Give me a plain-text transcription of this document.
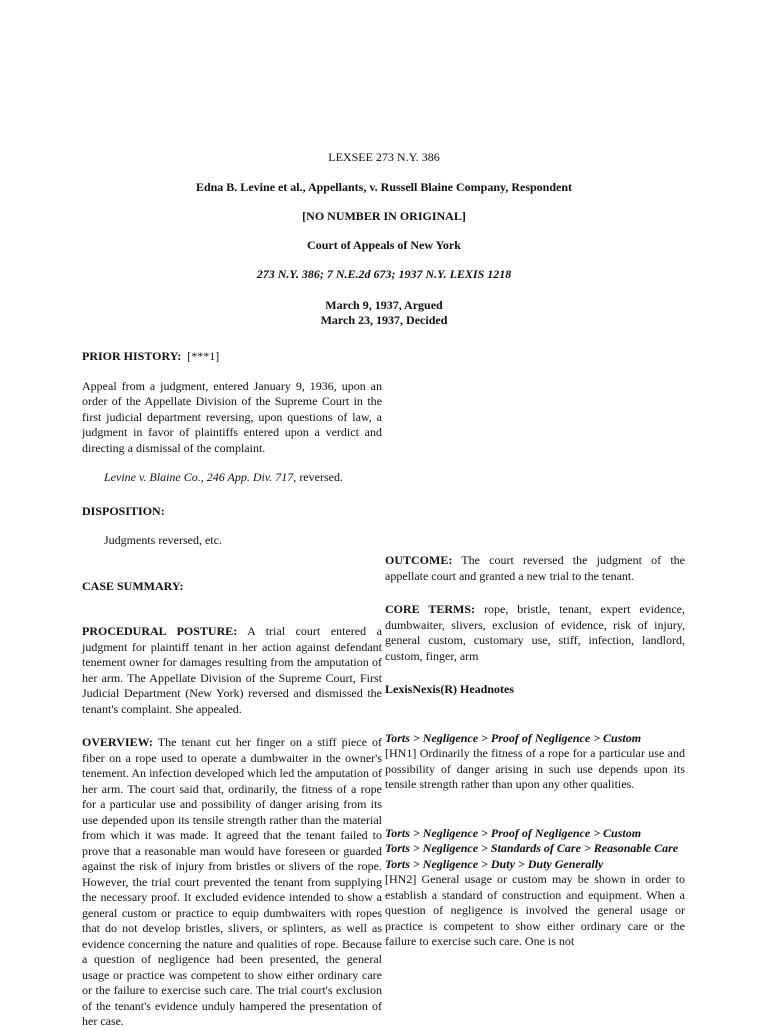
LEXSEE 273 N.Y. 386
Edna B. Levine et al., Appellants, v. Russell Blaine Company, Respondent
[NO NUMBER IN ORIGINAL]
Court of Appeals of New York
273 N.Y. 386; 7 N.E.2d 673; 1937 N.Y. LEXIS 1218
March 9, 1937, Argued
March 23, 1937, Decided

PRIOR HISTORY: [***1]

Appeal from a judgment, entered January 9, 1936, upon an order of the Appellate Division of the Supreme Court in the first judicial department reversing, upon questions of law, a judgment in favor of plaintiffs entered upon a verdict and directing a dismissal of the complaint.

Levine v. Blaine Co., 246 App. Div. 717, reversed.

DISPOSITION:

Judgments reversed, etc.

CASE SUMMARY:

PROCEDURAL POSTURE: A trial court entered a judgment for plaintiff tenant in her action against defendant tenement owner for damages resulting from the amputation of her arm. The Appellate Division of the Supreme Court, First Judicial Department (New York) reversed and dismissed the tenant's complaint. She appealed.

OVERVIEW: The tenant cut her finger on a stiff piece of fiber on a rope used to operate a dumbwaiter in the owner's tenement. An infection developed which led the amputation of her arm. The court said that, ordinarily, the fitness of a rope for a particular use and possibility of danger arising from its use depended upon its tensile strength rather than the material from which it was made. It agreed that the tenant failed to prove that a reasonable man would have foreseen or guarded against the risk of injury from bristles or slivers of the rope. However, the trial court prevented the tenant from supplying the necessary proof. It excluded evidence intended to show a general custom or practice to equip dumbwaiters with ropes that do not develop bristles, slivers, or splinters, as well as evidence concerning the nature and qualities of rope. Because a question of negligence had been presented, the general usage or practice was competent to show either ordinary care or the failure to exercise such care. The trial court's exclusion of the tenant's evidence unduly hampered the presentation of her case.

OUTCOME: The court reversed the judgment of the appellate court and granted a new trial to the tenant.

CORE TERMS: rope, bristle, tenant, expert evidence, dumbwaiter, slivers, exclusion of evidence, risk of injury, general custom, customary use, stiff, infection, landlord, custom, finger, arm

LexisNexis(R) Headnotes

Torts > Negligence > Proof of Negligence > Custom

[HN1] Ordinarily the fitness of a rope for a particular use and possibility of danger arising in such use depends upon its tensile strength rather than upon any other qualities.

Torts > Negligence > Proof of Negligence > Custom

Torts > Negligence > Standards of Care > Reasonable Care

Torts > Negligence > Duty > Duty Generally

[HN2] General usage or custom may be shown in order to establish a standard of construction and equipment. When a question of negligence is involved the general usage or practice is competent to show either ordinary care or the failure to exercise such care. One is not
